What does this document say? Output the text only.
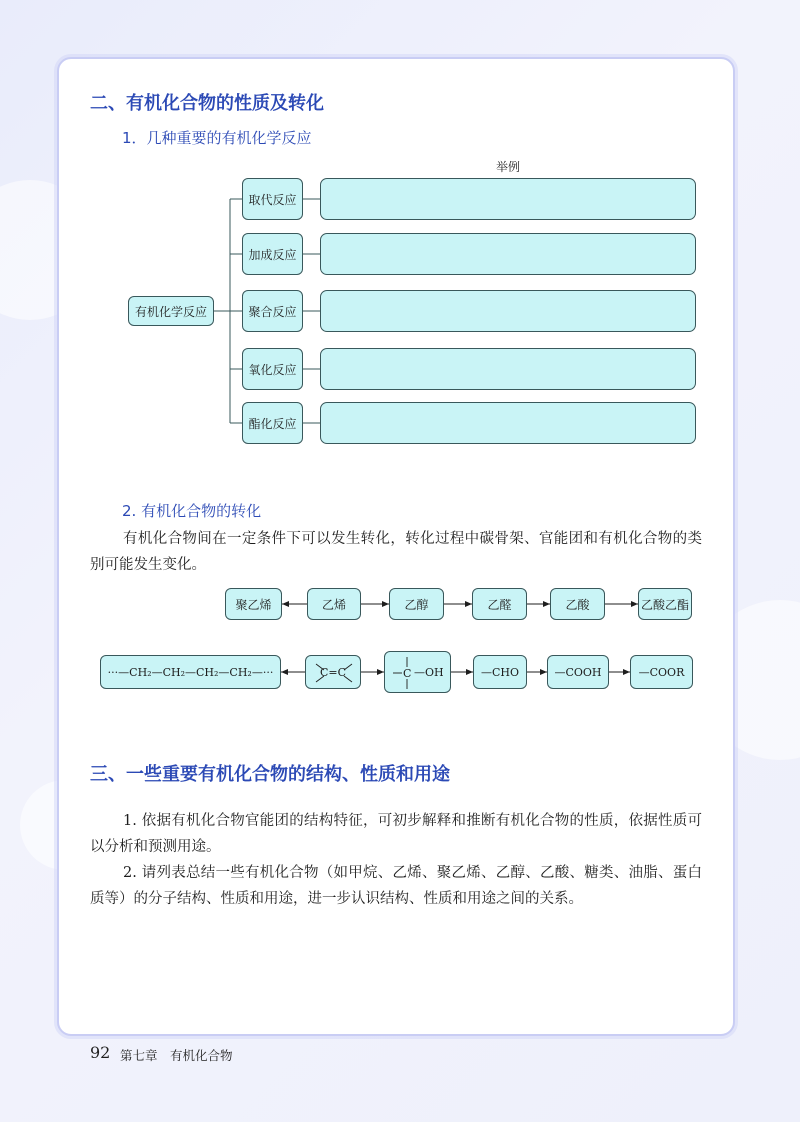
二、有机化合物的性质及转化
1．几种重要的有机化学反应
举例
有机化学反应
取代反应
加成反应
聚合反应
氧化反应
酯化反应
2. 有机化合物的转化

有机化合物间在一定条件下可以发生转化，转化过程中碳骨架、官能团和有机化合物的类别可能发生变化。

聚乙烯	乙烯	乙醇	乙醛	乙酸	乙酸乙酯
···—CH₂—CH₂—CH₂—CH₂—···	C=C	C —OH	—CHO	—COOH	—COOR
三、一些重要有机化合物的结构、性质和用途

1. 依据有机化合物官能团的结构特征，可初步解释和推断有机化合物的性质，依据性质可以分析和预测用途。

2. 请列表总结一些有机化合物（如甲烷、乙烯、聚乙烯、乙醇、乙酸、糖类、油脂、蛋白质等）的分子结构、性质和用途，进一步认识结构、性质和用途之间的关系。

92 第七章　有机化合物
